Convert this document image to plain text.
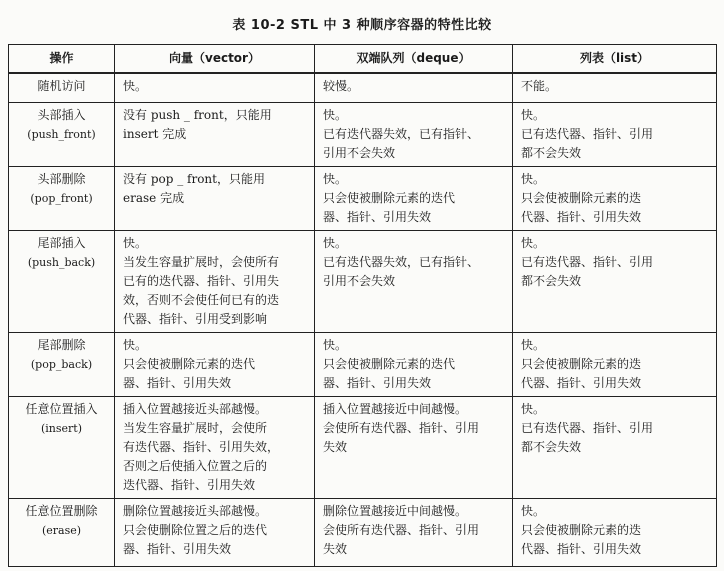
表 10-2 STL 中 3 种顺序容器的特性比较
操作	向量（vector）	双端队列（deque）	列表（list）

随机访问	快。	较慢。	不能。

头部插入
(push_front)	没有 push _ front，只能用
insert 完成	快。
已有迭代器失效，已有指针、
引用不会失效	快。
已有迭代器、指针、引用
都不会失效

头部删除
(pop_front)	没有 pop _ front，只能用
erase 完成	快。
只会使被删除元素的迭代
器、指针、引用失效	快。
只会使被删除元素的迭
代器、指针、引用失效

尾部插入
(push_back)	快。
当发生容量扩展时，会使所有
已有的迭代器、指针、引用失
效，否则不会使任何已有的迭
代器、指针、引用受到影响	快。
已有迭代器失效，已有指针、
引用不会失效	快。
已有迭代器、指针、引用
都不会失效

尾部删除
(pop_back)	快。
只会使被删除元素的迭代
器、指针、引用失效	快。
只会使被删除元素的迭代
器、指针、引用失效	快。
只会使被删除元素的迭
代器、指针、引用失效

任意位置插入
(insert)	插入位置越接近头部越慢。
当发生容量扩展时，会使所
有迭代器、指针、引用失效，
否则之后使插入位置之后的
迭代器、指针、引用失效	插入位置越接近中间越慢。
会使所有迭代器、指针、引用
失效	快。
已有迭代器、指针、引用
都不会失效

任意位置删除
(erase)	删除位置越接近头部越慢。
只会使删除位置之后的迭代
器、指针、引用失效	删除位置越接近中间越慢。
会使所有迭代器、指针、引用
失效	快。
只会使被删除元素的迭
代器、指针、引用失效
